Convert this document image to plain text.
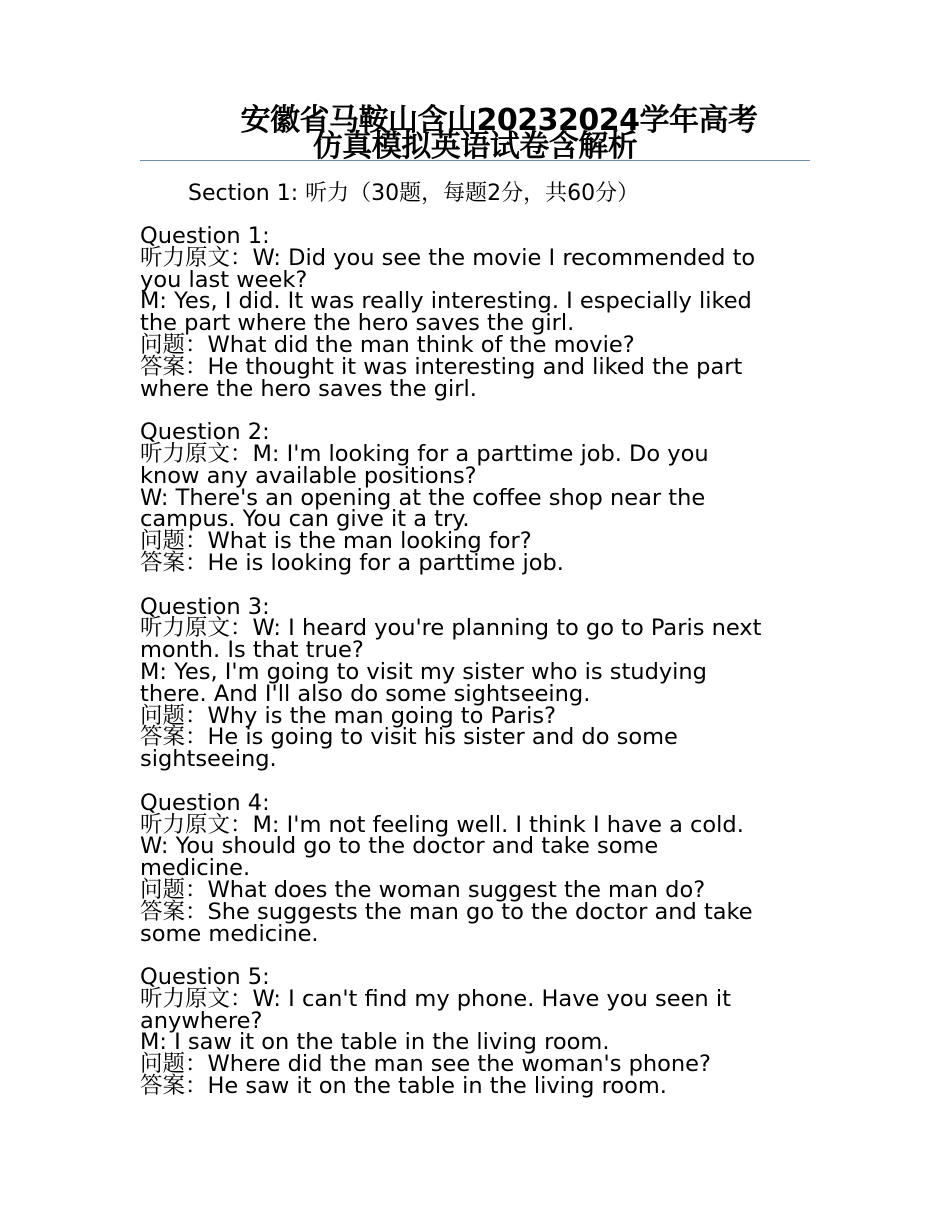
安徽省马鞍山含山20232024学年高考
仿真模拟英语试卷含解析
Section 1: 听力（30题，每题2分，共60分）
Question 1:
听力原文：W: Did you see the movie I recommended to
you last week?
M: Yes, I did. It was really interesting. I especially liked
the part where the hero saves the girl.
问题：What did the man think of the movie?
答案：He thought it was interesting and liked the part
where the hero saves the girl.
Question 2:
听力原文：M: I'm looking for a parttime job. Do you
know any available positions?
W: There's an opening at the coffee shop near the
campus. You can give it a try.
问题：What is the man looking for?
答案：He is looking for a parttime job.
Question 3:
听力原文：W: I heard you're planning to go to Paris next
month. Is that true?
M: Yes, I'm going to visit my sister who is studying
there. And I'll also do some sightseeing.
问题：Why is the man going to Paris?
答案：He is going to visit his sister and do some
sightseeing.
Question 4:
听力原文：M: I'm not feeling well. I think I have a cold.
W: You should go to the doctor and take some
medicine.
问题：What does the woman suggest the man do?
答案：She suggests the man go to the doctor and take
some medicine.
Question 5:
听力原文：W: I can't find my phone. Have you seen it
anywhere?
M: I saw it on the table in the living room.
问题：Where did the man see the woman's phone?
答案：He saw it on the table in the living room.
